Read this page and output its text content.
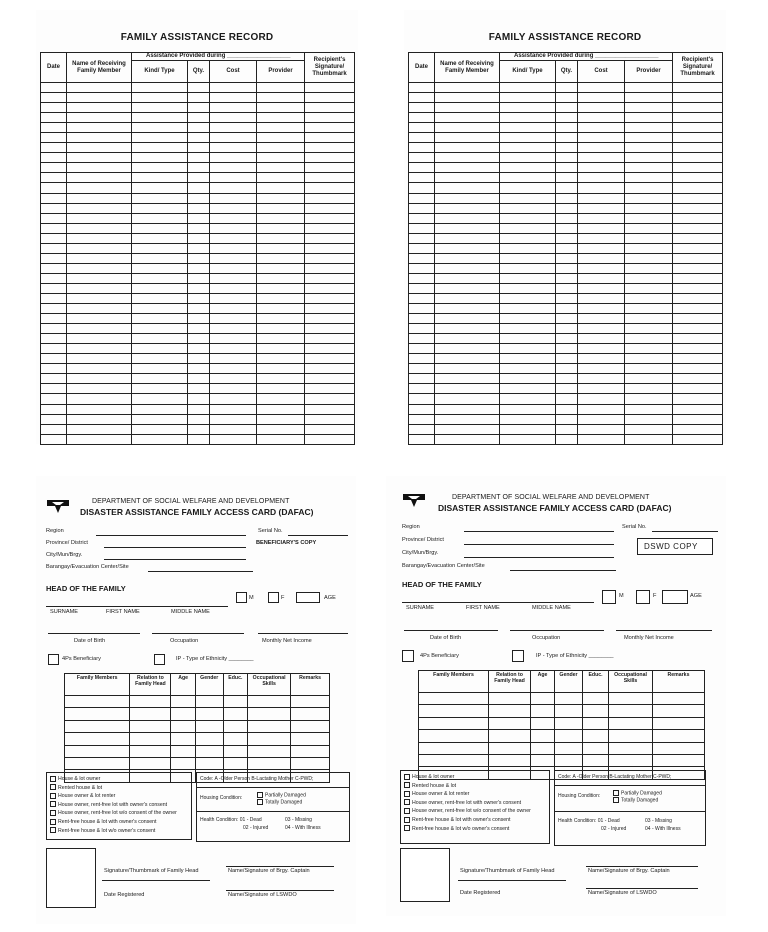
FAMILY ASSISTANCE RECORD
Date	Name of Receiving Family Member	Assistance Provided during ___________________				Recipient's Signature/ Thumbmark
		Kind/ Type	Qty.	Cost	Provider	

FAMILY ASSISTANCE RECORD
Date	Name of Receiving Family Member	Assistance Provided during ___________________				Recipient's Signature/ Thumbmark
		Kind/ Type	Qty.	Cost	Provider	

DEPARTMENT OF SOCIAL WELFARE AND DEVELOPMENT
DISASTER ASSISTANCE FAMILY ACCESS CARD (DAFAC)
Region	Serial No.
Province/ District	BENEFICIARY'S COPY
City/Mun/Brgy.
Barangay/Evacuation Center/Site
HEAD OF THE FAMILY
M	F	AGE
SURNAME	FIRST NAME	MIDDLE NAME
Date of Birth	Occupation	Monthly Net Income
4Ps Beneficiary	IP - Type of Ethnicity ________
Family Members	Relation to Family Head	Age	Gender	Educ.	Occupational Skills	Remarks

House & lot owner
Rented house & lot
House owner & lot renter
House owner, rent-free lot with owner's consent
House owner, rent-free lot w/o consent of the owner
Rent-free house & lot with owner's consent
Rent-free house & lot w/o owner's consent
Code: A -Older Person B-Lactating Mother C-PWD;
Housing Condition:	Partially Damaged
Totally Damaged
Health Condition: 01 - Dead
02 - Injured
03 - Missing
04 - With Illness
Signature/Thumbmark of Family Head
Date Registered
Name/Signature of Brgy. Captain
Name/Signature of LSWDO
DEPARTMENT OF SOCIAL WELFARE AND DEVELOPMENT
DISASTER ASSISTANCE FAMILY ACCESS CARD (DAFAC)
Region	Serial No.
Province/ District
DSWD COPY
City/Mun/Brgy.
Barangay/Evacuation Center/Site
HEAD OF THE FAMILY
M	F	AGE
SURNAME	FIRST NAME	MIDDLE NAME
Date of Birth	Occupation	Monthly Net Income
4Ps Beneficiary	IP - Type of Ethnicity ________
Family Members	Relation to Family Head	Age	Gender	Educ.	Occupational Skills	Remarks

House & lot owner
Rented house & lot
House owner & lot renter
House owner, rent-free lot with owner's consent
House owner, rent-free lot w/o consent of the owner
Rent-free house & lot with owner's consent
Rent-free house & lot w/o owner's consent
Code: A -Older Person B-Lactating Mother C-PWD;
Housing Condition:	Partially Damaged
Totally Damaged
Health Condition: 01 - Dead
02 - Injured
03 - Missing
04 - With Illness
Signature/Thumbmark of Family Head
Date Registered
Name/Signature of Brgy. Captain
Name/Signature of LSWDO
